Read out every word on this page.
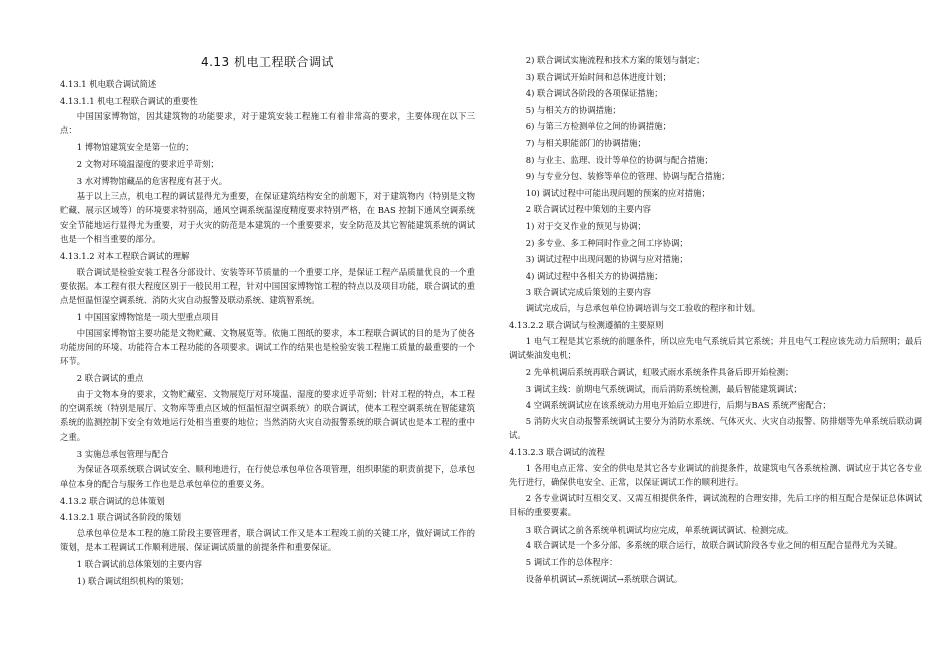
4.13 机电工程联合调试
4.13.1 机电联合调试简述
4.13.1.1 机电工程联合调试的重要性
中国国家博物馆，因其建筑物的功能要求，对于建筑安装工程施工有着非常高的要求，主要体现在以下三点：
1 博物馆建筑安全是第一位的；
2 文物对环境温湿度的要求近乎苛刻；
3 水对博物馆藏品的危害程度有甚于火。
基于以上三点，机电工程的调试显得尤为重要，在保证建筑结构安全的前题下，对于建筑物内（特别是文物贮藏、展示区域等）的环境要求特别高，通风空调系统温湿度精度要求特别严格，在 BAS 控制下通风空调系统安全节能地运行显得尤为重要，对于火灾的防范是本建筑的一个重要要求，安全防范及其它智能建筑系统的调试也是一个相当重要的部分。
4.13.1.2 对本工程联合调试的理解
联合调试是检验安装工程各分部设计、安装等环节质量的一个重要工序，是保证工程产品质量优良的一个重要依据。本工程有很大程度区别于一般民用工程，针对中国国家博物馆工程的特点以及项目功能，联合调试的重点是恒温恒湿空调系统、消防火灾自动报警及联动系统、建筑智系统。
1 中国国家博物馆是一项大型重点项目
中国国家博物馆主要功能是文物贮藏、文物展览等。依施工图纸的要求，本工程联合调试的目的是为了使各功能房间的环境、功能符合本工程功能的各项要求。调试工作的结果也是检验安装工程施工质量的最重要的一个环节。
2 联合调试的重点
由于文物本身的要求，文物贮藏室、文物展览厅对环境温、湿度的要求近乎苛刻；针对工程的特点，本工程的空调系统（特别是展厅、文物库等重点区域的恒温恒湿空调系统）的联合调试，使本工程空调系统在智能建筑系统的监测控制下安全有效地运行处相当重要的地位；当然消防火灾自动报警系统的联合调试也是本工程的重中之重。
3 实施总承包管理与配合
为保证各项系统联合调试安全、顺利地进行，在行使总承包单位各项管理，组织职能的职责前提下，总承包单位本身的配合与服务工作也是总承包单位的重要义务。
4.13.2 联合调试的总体策划
4.13.2.1 联合调试各阶段的策划
总承包单位是本工程的施工阶段主要管理者，联合调试工作又是本工程竣工前的关键工序，做好调试工作的策划，是本工程调试工作顺利进展、保证调试质量的前提条件和重要保证。
1 联合调试前总体策划的主要内容
1) 联合调试组织机构的策划；
2) 联合调试实施流程和技术方案的策划与制定；
3) 联合调试开始时间和总体进度计划；
4) 联合调试各阶段的各项保证措施；
5) 与相关方的协调措施；
6) 与第三方检测单位之间的协调措施；
7) 与相关职能部门的协调措施；
8) 与业主、监理、设计等单位的协调与配合措施；
9) 与专业分包、装修等单位的管理、协调与配合措施；
10) 调试过程中可能出现问题的预案的应对措施；
2 联合调试过程中策划的主要内容
1) 对于交叉作业的预见与协调；
2) 多专业、多工种同时作业之间工序协调；
3) 调试过程中出现问题的协调与应对措施；
4) 调试过程中各相关方的协调措施；
3 联合调试完成后策划的主要内容
调试完成后，与总承包单位协调培训与交工验收的程序和计划。
4.13.2.2 联合调试与检测遵循的主要原则
1 电气工程是其它系统的前题条件，所以应先电气系统后其它系统；并且电气工程应该先动力后照明；最后调试柴油发电机；
2 先单机调后系统再联合调试，虹吸式雨水系统条件具备后即开始检测；
3 调试主线：前期电气系统调试，而后消防系统检测，最后智能建筑调试；
4 空调系统调试应在该系统动力用电开始后立即进行，后期与BAS 系统严密配合；
5 消防火灾自动报警系统调试主要分为消防水系统、气体灭火、火灾自动报警、防排烟等先单系统后联动调试。
4.13.2.3 联合调试的流程
1 各用电点正常、安全的供电是其它各专业调试的前提条件，故建筑电气各系统检测、调试应于其它各专业先行进行，确保供电安全、正常，以保证调试工作的顺利进行。
2 各专业调试时互相交叉、又需互相提供条件，调试流程的合理安排，先后工序的相互配合是保证总体调试目标的重要要素。
3 联合调试之前各系统单机调试均应完成，单系统调试调试、检测完成。
4 联合调试是一个多分部、多系统的联合运行，故联合调试阶段各专业之间的相互配合显得尤为关键。
5 调试工作的总体程序：
设备单机调试→系统调试→系统联合调试。
